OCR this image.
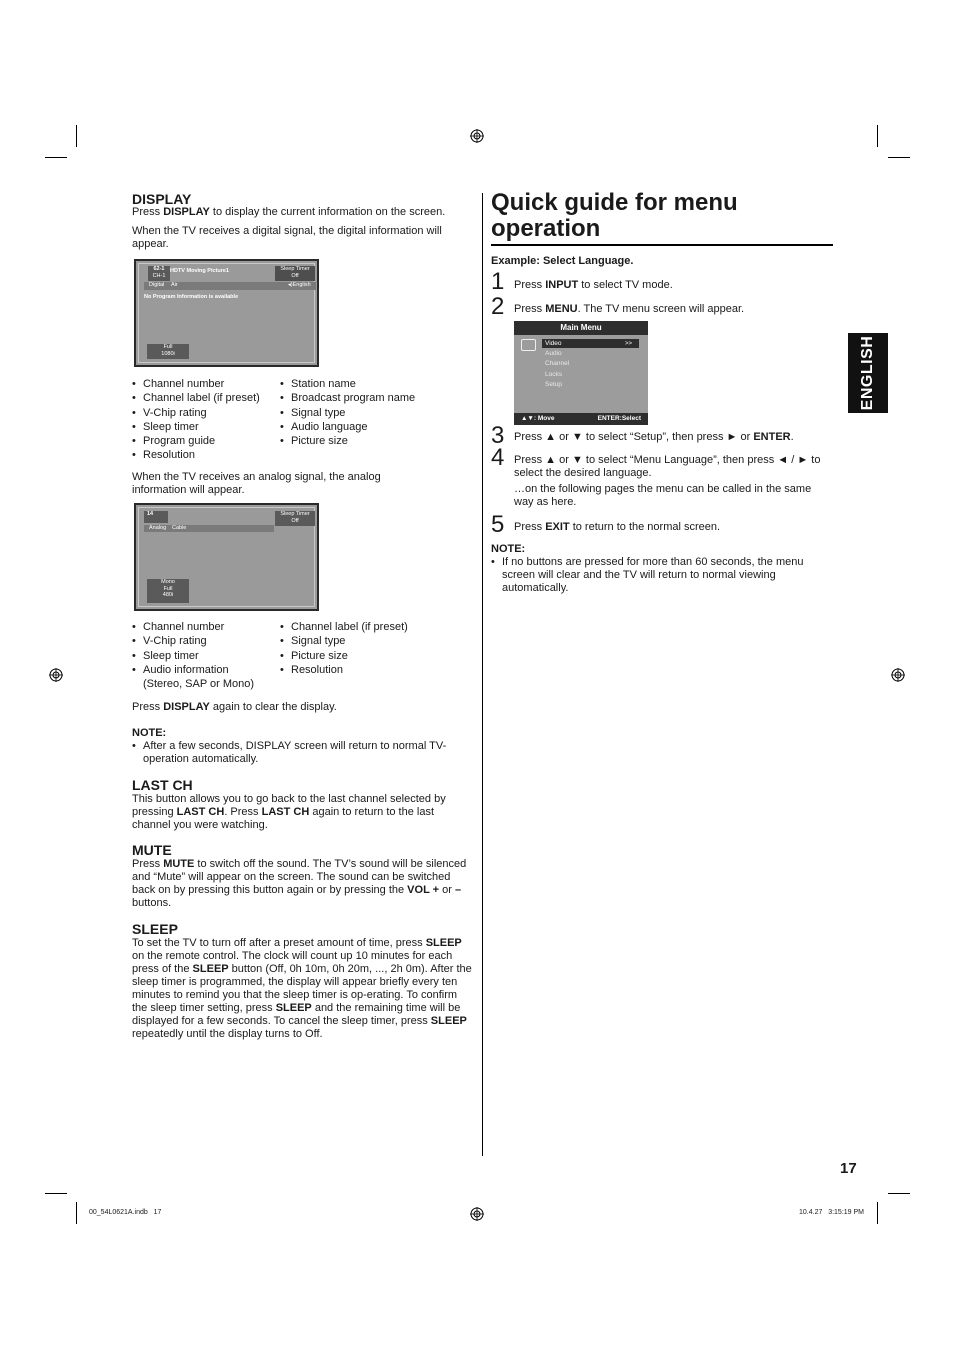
DISPLAY

Press DISPLAY to display the current information on the screen.

When the TV receives a digital signal, the digital information will appear.

62-1
CH-1
HDTV Moving Picture1	Sleep Timer
Off
Digital Air	◂)English
No Program Information is available
Full
1080i
• Channel number
• Channel label (if preset)
• V-Chip rating
• Sleep timer
• Program guide
• Resolution
• Station name
• Broadcast program name
• Signal type
• Audio language
• Picture size

When the TV receives an analog signal, the analog information will appear.

14	Sleep Timer
Off
Analog Cable
Mono
Full
480i
• Channel number
• V-Chip rating
• Sleep timer
• Audio information
(Stereo, SAP or Mono)
• Channel label (if preset)
• Signal type
• Picture size
• Resolution

Press DISPLAY again to clear the display.

NOTE:

• After a few seconds, DISPLAY screen will return to normal TV-operation automatically.
LAST CH

This button allows you to go back to the last channel selected by pressing LAST CH. Press LAST CH again to return to the last channel you were watching.

MUTE

Press MUTE to switch off the sound. The TV’s sound will be silenced and “Mute” will appear on the screen. The sound can be switched back on by pressing this button again or by pressing the VOL + or – buttons.

SLEEP

To set the TV to turn off after a preset amount of time, press SLEEP on the remote control. The clock will count up 10 minutes for each press of the SLEEP button (Off, 0h 10m, 0h 20m, ..., 2h 0m). After the sleep timer is programmed, the display will appear briefly every ten minutes to remind you that the sleep timer is op-erating. To confirm the sleep timer setting, press SLEEP and the remaining time will be displayed for a few seconds. To cancel the sleep timer, press SLEEP repeatedly until the display turns to Off.

Quick guide for menu
operation

Example: Select Language.

1 Press INPUT to select TV mode.

2 Press MENU. The TV menu screen will appear.

Main Menu
Video	>>
Audio
Channel
Locks
Setup
▲▼: Move	ENTER:Select
3 Press ▲ or ▼ to select “Setup”, then press ► or ENTER.

4 Press ▲ or ▼ to select “Menu Language”, then press ◄ / ► to select the desired language.

…on the following pages the menu can be called in the same way as here.

5 Press EXIT to return to the normal screen.

NOTE:

• If no buttons are pressed for more than 60 seconds, the menu screen will clear and the TV will return to normal viewing automatically.
ENGLISH
17
00_54L0621A.indb   17	10.4.27   3:15:19 PM
